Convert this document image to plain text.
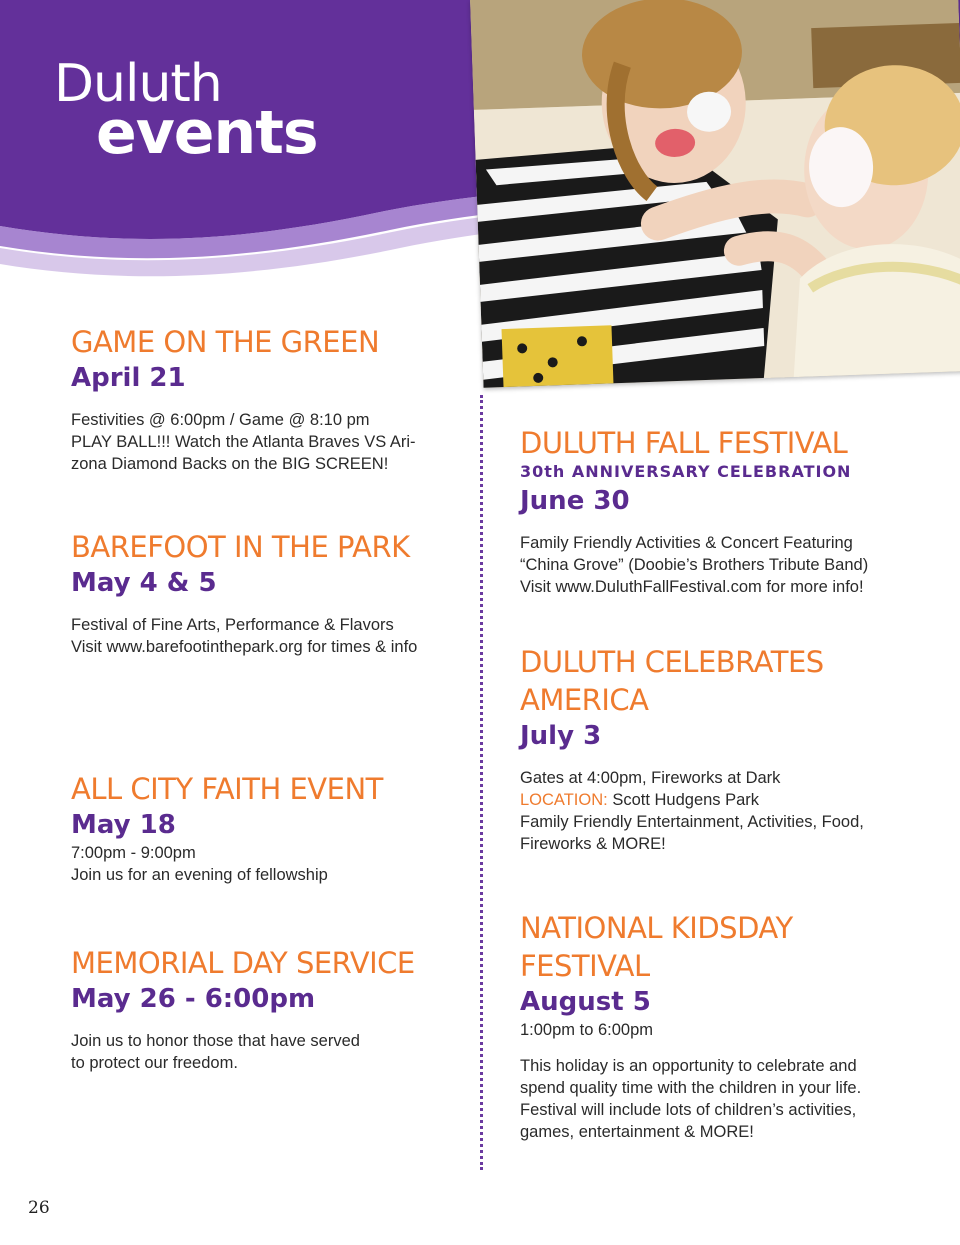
Duluth
events
GAME ON THE GREEN
April 21
Festivities @ 6:00pm / Game @ 8:10 pm
PLAY BALL!!! Watch the Atlanta Braves VS Ari-
zona Diamond Backs on the BIG SCREEN!
BAREFOOT IN THE PARK
May 4 & 5
Festival of Fine Arts, Performance & Flavors
Visit www.barefootinthepark.org for times & info
ALL CITY FAITH EVENT
May 18
7:00pm - 9:00pm
Join us for an evening of fellowship
MEMORIAL DAY SERVICE
May 26 - 6:00pm
Join us to honor those that have served
to protect our freedom.
DULUTH FALL FESTIVAL
30th ANNIVERSARY CELEBRATION
June 30
Family Friendly Activities & Concert Featuring
“China Grove” (Doobie’s Brothers Tribute Band)
Visit www.DuluthFallFestival.com for more info!
DULUTH CELEBRATES
AMERICA
July 3
Gates at 4:00pm, Fireworks at Dark
LOCATION: Scott Hudgens Park
Family Friendly Entertainment, Activities, Food,
Fireworks & MORE!
NATIONAL KIDSDAY
FESTIVAL
August 5
1:00pm to 6:00pm
This holiday is an opportunity to celebrate and
spend quality time with the children in your life.
Festival will include lots of children’s activities,
games, entertainment & MORE!
26
